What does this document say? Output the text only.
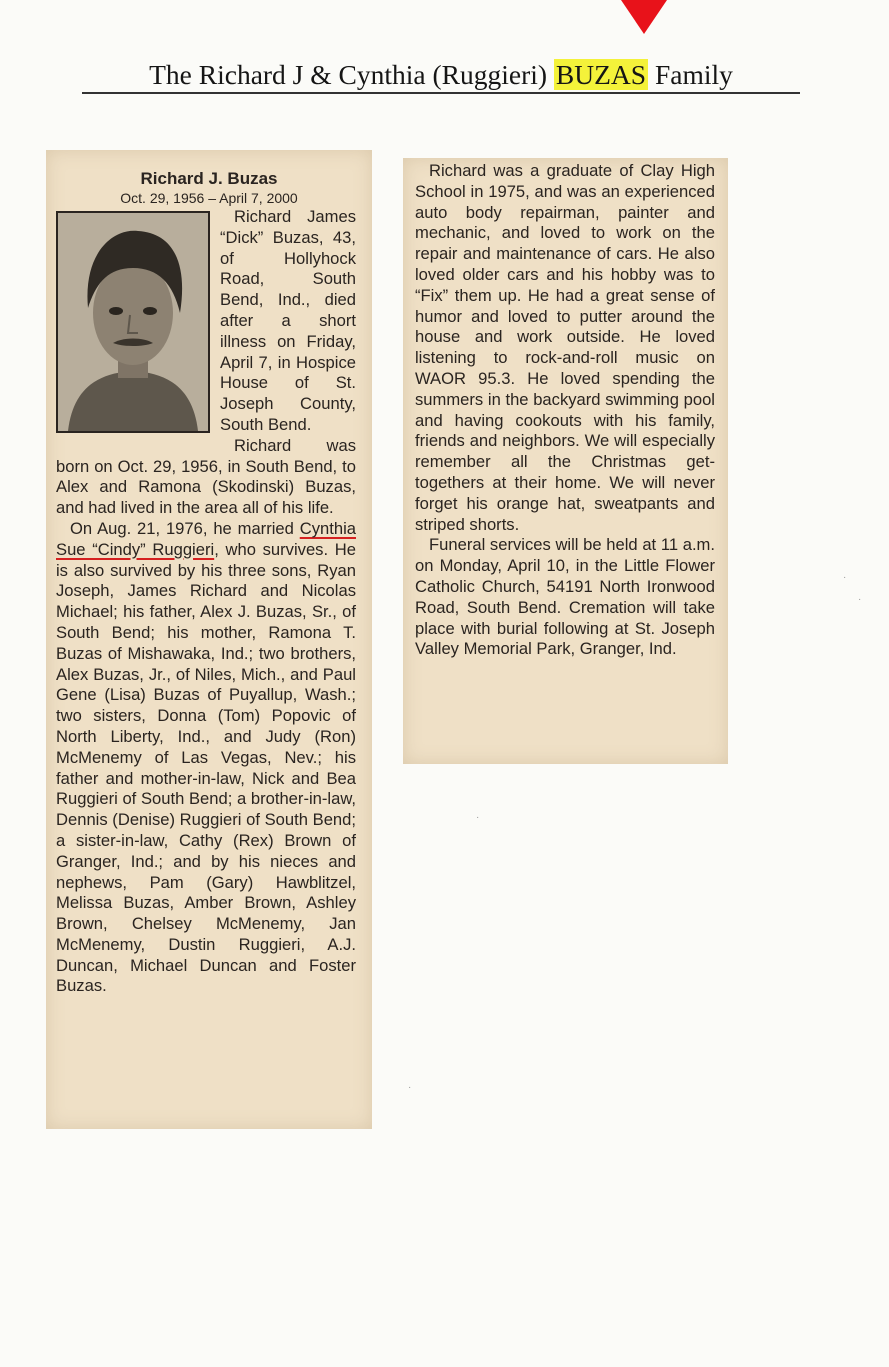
The Richard J & Cynthia (Ruggieri) BUZAS Family
Richard J. Buzas
Oct. 29, 1956 – April 7, 2000

Richard James “Dick” Buzas, 43, of Hollyhock Road, South Bend, Ind., died after a short illness on Friday, April 7, in Hospice House of St. Joseph County, South Bend.

Richard was born on Oct. 29, 1956, in South Bend, to Alex and Ramona (Skodinski) Buzas, and had lived in the area all of his life.

On Aug. 21, 1976, he married Cynthia Sue “Cindy” Ruggieri, who survives. He is also survived by his three sons, Ryan Joseph, James Richard and Nicolas Michael; his father, Alex J. Buzas, Sr., of South Bend; his mother, Ramona T. Buzas of Mishawaka, Ind.; two brothers, Alex Buzas, Jr., of Niles, Mich., and Paul Gene (Lisa) Buzas of Puyallup, Wash.; two sisters, Donna (Tom) Popovic of North Liberty, Ind., and Judy (Ron) McMenemy of Las Vegas, Nev.; his father and mother-in-law, Nick and Bea Ruggieri of South Bend; a brother-in-law, Dennis (Denise) Ruggieri of South Bend; a sister-in-law, Cathy (Rex) Brown of Granger, Ind.; and by his nieces and nephews, Pam (Gary) Hawblitzel, Melissa Buzas, Amber Brown, Ashley Brown, Chelsey McMenemy, Jan McMenemy, Dustin Ruggieri, A.J. Duncan, Michael Duncan and Foster Buzas.

Richard was a graduate of Clay High School in 1975, and was an experienced auto body repairman, painter and mechanic, and loved to work on the repair and maintenance of cars. He also loved older cars and his hobby was to “Fix” them up. He had a great sense of humor and loved to putter around the house and work outside. He loved listening to rock-and-roll music on WAOR 95.3. He loved spending the summers in the backyard swimming pool and having cookouts with his family, friends and neighbors. We will especially remember all the Christmas get-togethers at their home. We will never forget his orange hat, sweatpants and striped shorts.

Funeral services will be held at 11 a.m. on Monday, April 10, in the Little Flower Catholic Church, 54191 North Ironwood Road, South Bend. Cremation will take place with burial following at St. Joseph Valley Memorial Park, Granger, Ind.

·
·
·
·
